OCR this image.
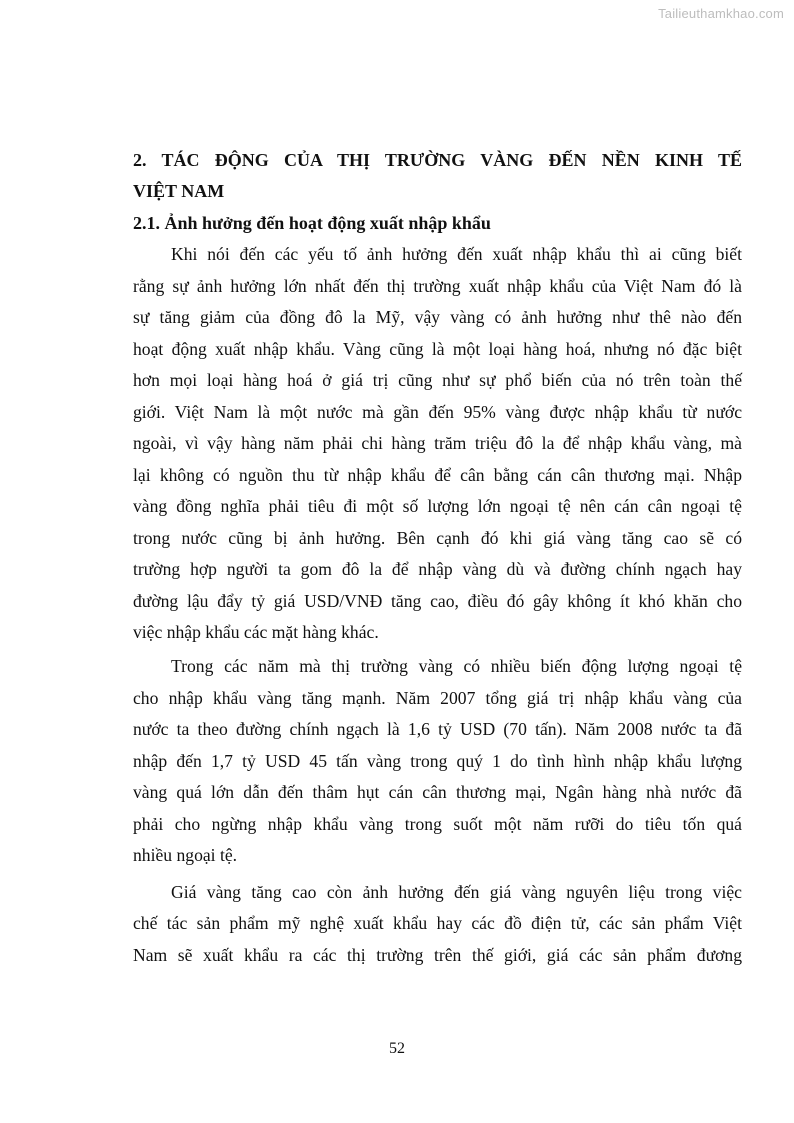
Tailieuthamkhao.com
2. TÁC ĐỘNG CỦA THỊ TRƯỜNG VÀNG ĐẾN NỀN KINH TẾ
VIỆT NAM
2.1. Ảnh hưởng đến hoạt động xuất nhập khẩu
Khi nói đến các yếu tố ảnh hưởng đến xuất nhập khẩu thì ai cũng biết
rằng sự ảnh hưởng lớn nhất đến thị trường xuất nhập khẩu của Việt Nam đó là
sự tăng giảm của đồng đô la Mỹ, vậy vàng có ảnh hưởng như thê nào đến
hoạt động xuất nhập khẩu. Vàng cũng là một loại hàng hoá, nhưng nó đặc biệt
hơn mọi loại hàng hoá ở giá trị cũng như sự phổ biến của nó trên toàn thế
giới. Việt Nam là một nước mà gần đến 95% vàng được nhập khẩu từ nước
ngoài, vì vậy hàng năm phải chi hàng trăm triệu đô la để nhập khẩu vàng, mà
lại không có nguồn thu từ nhập khẩu để cân bằng cán cân thương mại. Nhập
vàng đồng nghĩa phải tiêu đi một số lượng lớn ngoại tệ nên cán cân ngoại tệ
trong nước cũng bị ảnh hưởng. Bên cạnh đó khi giá vàng tăng cao sẽ có
trường hợp người ta gom đô la để nhập vàng dù và đường chính ngạch hay
đường lậu đẩy tỷ giá USD/VNĐ tăng cao, điều đó gây không ít khó khăn cho
việc nhập khẩu các mặt hàng khác.
Trong các năm mà thị trường vàng có nhiều biến động lượng ngoại tệ
cho nhập khẩu vàng tăng mạnh. Năm 2007 tổng giá trị nhập khẩu vàng của
nước ta theo đường chính ngạch là 1,6 tỷ USD (70 tấn). Năm 2008 nước ta đã
nhập đến 1,7 tỷ USD 45 tấn vàng trong quý 1 do tình hình nhập khẩu lượng
vàng quá lớn dẫn đến thâm hụt cán cân thương mại, Ngân hàng nhà nước đã
phải cho ngừng nhập khẩu vàng trong suốt một năm rưỡi do tiêu tốn quá
nhiều ngoại tệ.
Giá vàng tăng cao còn ảnh hưởng đến giá vàng nguyên liệu trong việc
chế tác sản phẩm mỹ nghệ xuất khẩu hay các đồ điện tử, các sản phẩm Việt
Nam sẽ xuất khẩu ra các thị trường trên thế giới, giá các sản phẩm đương
52
